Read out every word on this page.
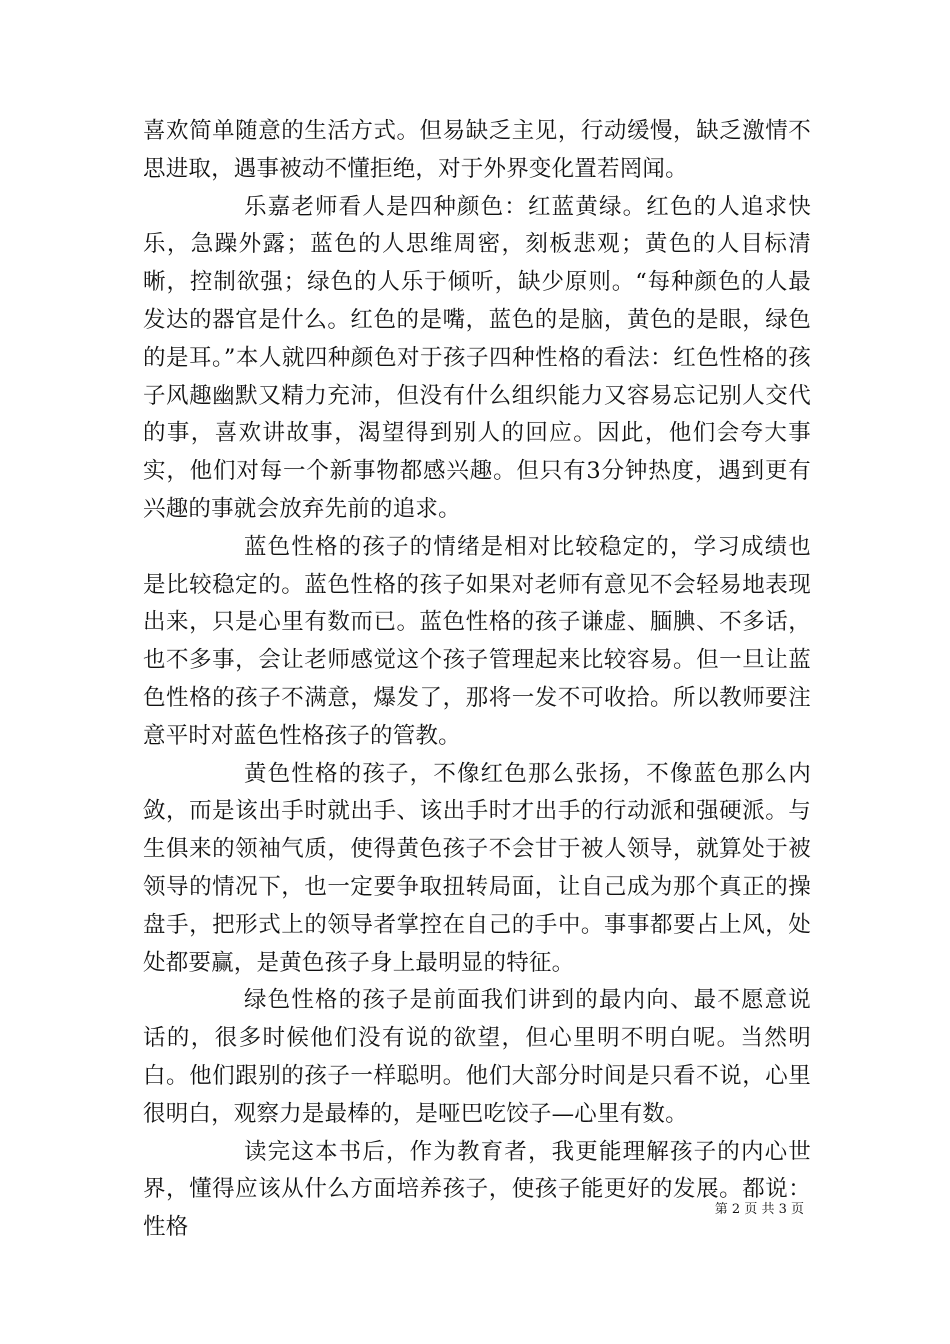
喜欢简单随意的生活方式。但易缺乏主见，行动缓慢，缺乏激情不思进取，遇事被动不懂拒绝，对于外界变化置若罔闻。

乐嘉老师看人是四种颜色：红蓝黄绿。红色的人追求快乐，急躁外露；蓝色的人思维周密，刻板悲观；黄色的人目标清晰，控制欲强；绿色的人乐于倾听，缺少原则。“每种颜色的人最发达的器官是什么。红色的是嘴，蓝色的是脑，黄色的是眼，绿色的是耳。”本人就四种颜色对于孩子四种性格的看法：红色性格的孩子风趣幽默又精力充沛，但没有什么组织能力又容易忘记别人交代的事，喜欢讲故事，渴望得到别人的回应。因此，他们会夸大事实，他们对每一个新事物都感兴趣。但只有3分钟热度，遇到更有兴趣的事就会放弃先前的追求。

蓝色性格的孩子的情绪是相对比较稳定的，学习成绩也是比较稳定的。蓝色性格的孩子如果对老师有意见不会轻易地表现出来，只是心里有数而已。蓝色性格的孩子谦虚、腼腆、不多话，也不多事，会让老师感觉这个孩子管理起来比较容易。但一旦让蓝色性格的孩子不满意，爆发了，那将一发不可收拾。所以教师要注意平时对蓝色性格孩子的管教。

黄色性格的孩子，不像红色那么张扬，不像蓝色那么内敛，而是该出手时就出手、该出手时才出手的行动派和强硬派。与生俱来的领袖气质，使得黄色孩子不会甘于被人领导，就算处于被领导的情况下，也一定要争取扭转局面，让自己成为那个真正的操盘手，把形式上的领导者掌控在自己的手中。事事都要占上风，处处都要赢，是黄色孩子身上最明显的特征。

绿色性格的孩子是前面我们讲到的最内向、最不愿意说话的，很多时候他们没有说的欲望，但心里明不明白呢。当然明白。他们跟别的孩子一样聪明。他们大部分时间是只看不说，心里很明白，观察力是最棒的，是哑巴吃饺子—心里有数。

读完这本书后，作为教育者，我更能理解孩子的内心世界，懂得应该从什么方面培养孩子，使孩子能更好的发展。都说：性格

第 2 页 共 3 页
